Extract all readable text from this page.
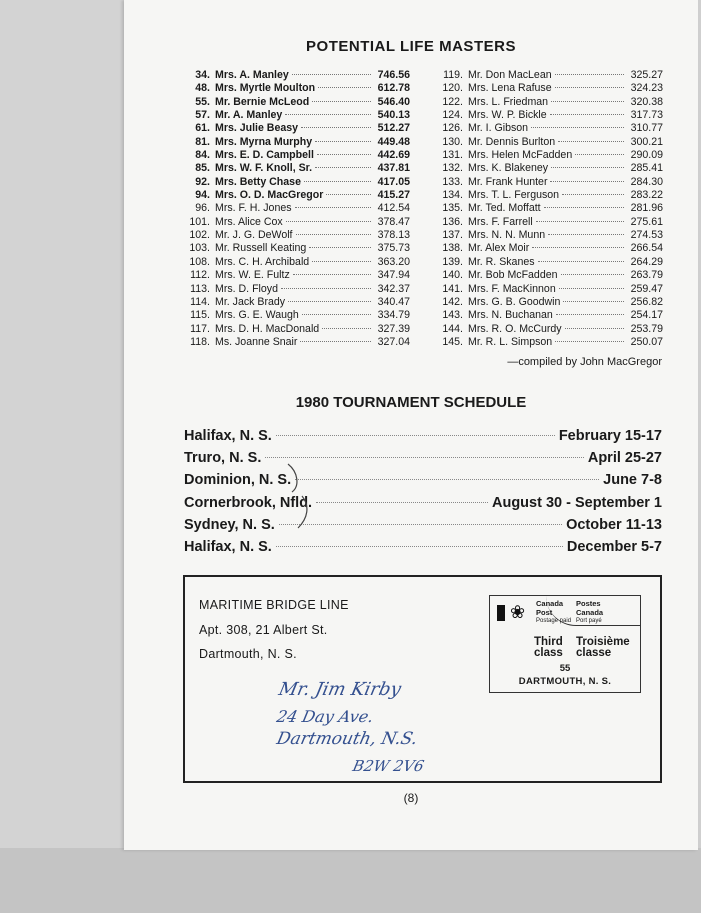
POTENTIAL LIFE MASTERS
34. Mrs. A. Manley	746.56
48. Mrs. Myrtle Moulton	612.78
55. Mr. Bernie McLeod	546.40
57. Mr. A. Manley	540.13
61. Mrs. Julie Beasy	512.27
81. Mrs. Myrna Murphy	449.48
84. Mrs. E. D. Campbell	442.69
85. Mrs. W. F. Knoll, Sr.	437.81
92. Mrs. Betty Chase	417.05
94. Mrs. O. D. MacGregor	415.27
96. Mrs. F. H. Jones	412.54
101. Mrs. Alice Cox	378.47
102. Mr. J. G. DeWolf	378.13
103. Mr. Russell Keating	375.73
108. Mrs. C. H. Archibald	363.20
112. Mrs. W. E. Fultz	347.94
113. Mrs. D. Floyd	342.37
114. Mr. Jack Brady	340.47
115. Mrs. G. E. Waugh	334.79
117. Mrs. D. H. MacDonald	327.39
118. Ms. Joanne Snair	327.04
119. Mr. Don MacLean	325.27
120. Mrs. Lena Rafuse	324.23
122. Mrs. L. Friedman	320.38
124. Mrs. W. P. Bickle	317.73
126. Mr. I. Gibson	310.77
130. Mr. Dennis Burlton	300.21
131. Mrs. Helen McFadden	290.09
132. Mrs. K. Blakeney	285.41
133. Mr. Frank Hunter	284.30
134. Mrs. T. L. Ferguson	283.22
135. Mr. Ted. Moffatt	281.96
136. Mrs. F. Farrell	275.61
137. Mrs. N. N. Munn	274.53
138. Mr. Alex Moir	266.54
139. Mr. R. Skanes	264.29
140. Mr. Bob McFadden	263.79
141. Mrs. F. MacKinnon	259.47
142. Mrs. G. B. Goodwin	256.82
143. Mrs. N. Buchanan	254.17
144. Mrs. R. O. McCurdy	253.79
145. Mr. R. L. Simpson	250.07
—compiled by John MacGregor
1980 TOURNAMENT SCHEDULE
Halifax, N. S.	February 15-17
Truro, N. S.	April 25-27
Dominion, N. S.	June 7-8
Cornerbrook, Nfld.	August 30 - September 1
Sydney, N. S.	October 11-13
Halifax, N. S.	December 5-7
MARITIME BRIDGE LINE
Apt. 308, 21 Albert St.
Dartmouth, N. S.
❀ Canada
Post
Postes
Canada
Postage paid Port payé
Third
class
Troisième
classe
55
DARTMOUTH, N. S.
Mr. Jim Kirby
24 Day Ave.
Dartmouth, N.S.
B2W 2V6
(8)
